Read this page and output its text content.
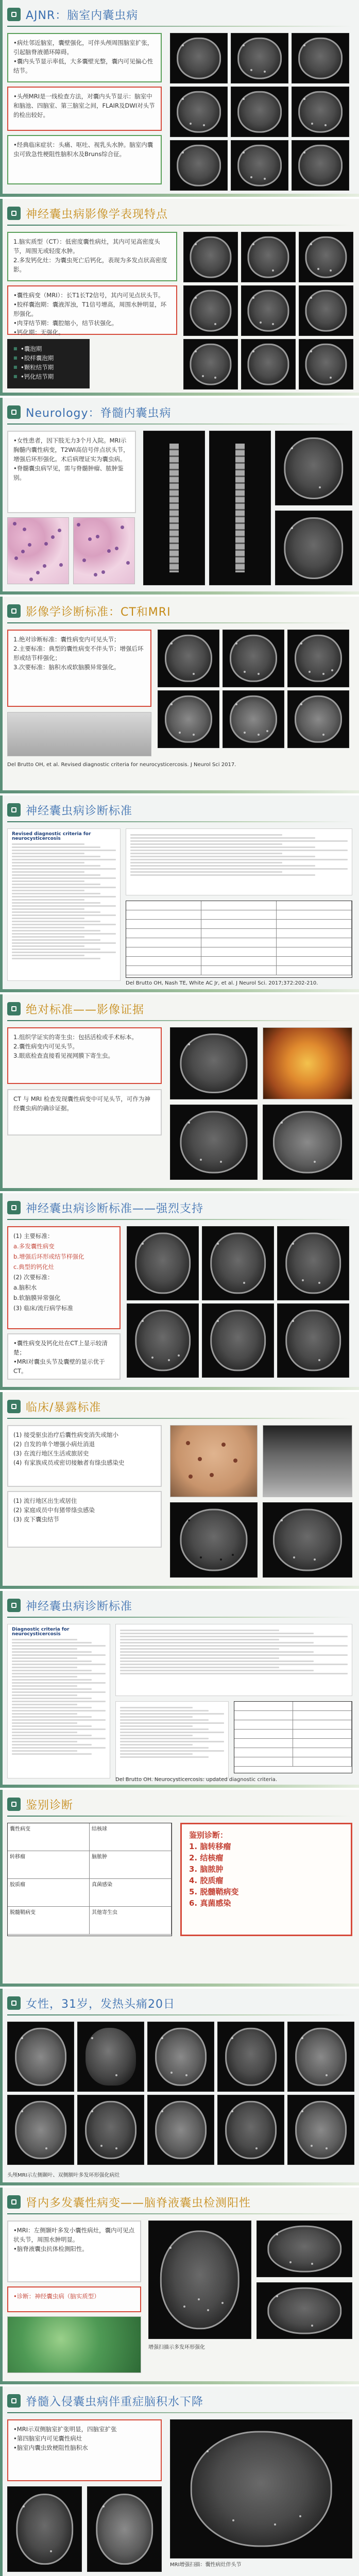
AJNR：脑室内囊虫病
•病灶邻近脑室，囊壁强化，可伴头颅周围脑室扩张，引起脑脊液循环障碍。
•囊内头节显示率低，大多囊壁光整，囊内可见偏心性结节。
•头颅MRI是一线检查方法，对囊内头节显示：脑室中和脑池、四脑室、第三脑室之间，FLAIR及DWI对头节的检出较好。
•经典临床症状：头痛、呕吐、视乳头水肿。脑室内囊虫可致急性梗阻性脑积水及Bruns综合征。
神经囊虫病影像学表现特点
1.脑实质型（CT）：低密度囊性病灶，其内可见高密度头节，周围无或轻度水肿。
2.多发钙化灶：为囊虫死亡后钙化，表现为多发点状高密度影。
•囊性病变（MRI）：长T1长T2信号，其内可见点状头节。
•胶样囊泡期：囊液浑浊，T1信号增高，周围水肿明显，环形强化。
•肉芽结节期：囊腔缩小，结节状强化。
•钙化期：无强化。
■ •囊泡期
■ •胶样囊泡期
■ •颗粒结节期
■ •钙化结节期
Neurology：脊髓内囊虫病
•女性患者，因下肢无力3个月入院。MRI示胸髓内囊性病变，T2WI高信号伴点状头节，增强后环形强化。术后病理证实为囊虫病。
•脊髓囊虫病罕见，需与脊髓肿瘤、脓肿鉴别。
影像学诊断标准：CT和MRI
1.绝对诊断标准：囊性病变内可见头节；
2.主要标准：典型的囊性病变不伴头节；增强后环形或结节样强化；
3.次要标准：脑积水或软脑膜异常强化。
Del Brutto OH, et al. Revised diagnostic criteria for neurocysticercosis. J Neurol Sci 2017.
神经囊虫病诊断标准
Revised diagnostic criteria for neurocysticercosis
Del Brutto OH, Nash TE, White AC Jr, et al. J Neurol Sci. 2017;372:202-210.
绝对标准——影像证据
1.组织学证实的寄生虫：包括活检或手术标本。
2.囊性病变内可见头节。
3.眼底检查直接看见视网膜下寄生虫。
CT 与 MRI 检查发现囊性病变中可见头节，可作为神经囊虫病的确诊证据。
神经囊虫病诊断标准——强烈支持

(1) 主要标准：

a.多发囊性病变

b.增强后环形或结节样强化

c.典型的钙化灶

(2) 次要标准：

a.脑积水

b.软脑膜异常强化

(3) 临床/流行病学标准

•囊性病变及钙化灶在CT上显示较清楚；
•MRI对囊虫头节及囊壁的显示优于CT。
临床/暴露标准
(1) 接受驱虫治疗后囊性病变消失或缩小
(2) 自发的单个增强小病灶消退
(3) 在流行地区生活或旅居史
(4) 有家族成员或密切接触者有绦虫感染史
(1) 流行地区出生或居住
(2) 家庭成员中有猪带绦虫感染
(3) 皮下囊虫结节
神经囊虫病诊断标准
Diagnostic criteria for neurocysticercosis
Del Brutto OH. Neurocysticercosis: updated diagnostic criteria.
鉴别诊断
囊性病变	结核球
转移瘤	脑脓肿
胶质瘤	真菌感染
脱髓鞘病变	其他寄生虫
鉴别诊断：
1. 脑转移瘤
2. 结核瘤
3. 脑脓肿
4. 胶质瘤
5. 脱髓鞘病变
6. 真菌感染
女性，31岁，发热头痛20日
头颅MRI示左侧颞叶、双侧额叶多发环形强化病灶
肾内多发囊性病变——脑脊液囊虫检测阳性
•MRI：左侧颞叶多发小囊性病灶，囊内可见点状头节，周围水肿明显。
•脑脊液囊虫抗体检测阳性。
•诊断：神经囊虫病（脑实质型）
增强扫描示多发环形强化
脊髓入侵囊虫病伴重症脑积水下降
•MRI示双侧脑室扩张明显，四脑室扩张
•第四脑室内可见囊性病灶
•脑室内囊虫致梗阻性脑积水
MRI增强扫描：囊性病灶伴头节
